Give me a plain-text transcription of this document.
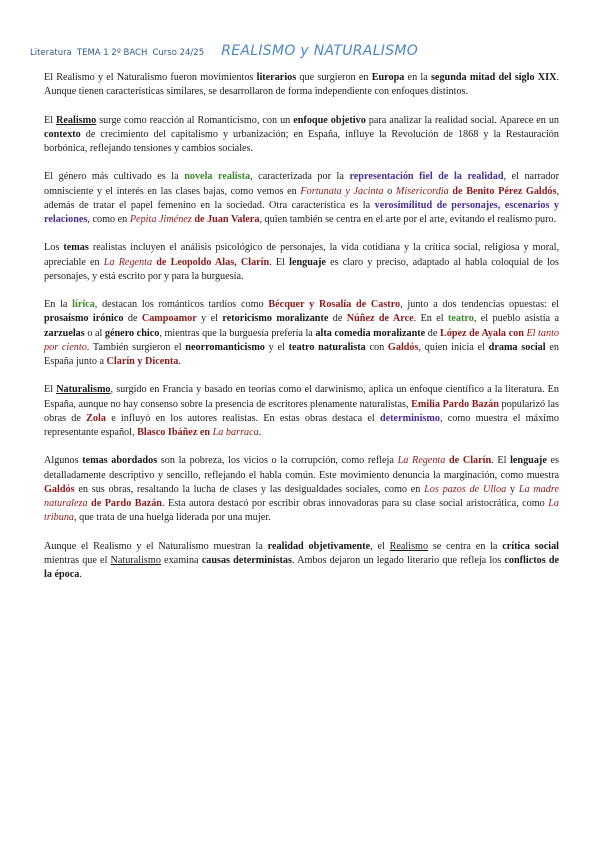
Literatura TEMA 1 2º BACH Curso 24/25 REALISMO y NATURALISMO

El Realismo y el Naturalismo fueron movimientos literarios que surgieron en Europa en la segunda mitad del siglo XIX. Aunque tienen características similares, se desarrollaron de forma independiente con enfoques distintos.

El Realismo surge como reacción al Romanticismo, con un enfoque objetivo para analizar la realidad social. Aparece en un contexto de crecimiento del capitalismo y urbanización; en España, influye la Revolución de 1868 y la Restauración borbónica, reflejando tensiones y cambios sociales.

El género más cultivado es la novela realista, caracterizada por la representación fiel de la realidad, el narrador omnisciente y el interés en las clases bajas, como vemos en Fortunata y Jacinta o Misericordia de Benito Pérez Galdós, además de tratar el papel femenino en la sociedad. Otra característica es la verosimilitud de personajes, escenarios y relaciones, como en Pepita Jiménez de Juan Valera, quien también se centra en el arte por el arte, evitando el realismo puro.

Los temas realistas incluyen el análisis psicológico de personajes, la vida cotidiana y la crítica social, religiosa y moral, apreciable en La Regenta de Leopoldo Alas, Clarín. El lenguaje es claro y preciso, adaptado al habla coloquial de los personajes, y está escrito por y para la burguesía.

En la lírica, destacan los románticos tardíos como Bécquer y Rosalía de Castro, junto a dos tendencias opuestas: el prosaísmo irónico de Campoamor y el retoricismo moralizante de Núñez de Arce. En el teatro, el pueblo asistía a zarzuelas o al género chico, mientras que la burguesía prefería la alta comedia moralizante de López de Ayala con El tanto por ciento. También surgieron el neorromanticismo y el teatro naturalista con Galdós, quien inicia el drama social en España junto a Clarín y Dicenta.

El Naturalismo, surgido en Francia y basado en teorías como el darwinismo, aplica un enfoque científico a la literatura. En España, aunque no hay consenso sobre la presencia de escritores plenamente naturalistas, Emilia Pardo Bazán popularizó las obras de Zola e influyó en los autores realistas. En estas obras destaca el determinismo, como muestra el máximo representante español, Blasco Ibáñez en La barraca.

Algunos temas abordados son la pobreza, los vicios o la corrupción, como refleja La Regenta de Clarín. El lenguaje es detalladamente descriptivo y sencillo, reflejando el habla común. Este movimiento denuncia la marginación, como muestra Galdós en sus obras, resaltando la lucha de clases y las desigualdades sociales, como en Los pazos de Ulloa y La madre naturaleza de Pardo Bazán. Esta autora destacó por escribir obras innovadoras para su clase social aristocrática, como La tribuna, que trata de una huelga liderada por una mujer.

Aunque el Realismo y el Naturalismo muestran la realidad objetivamente, el Realismo se centra en la crítica social mientras que el Naturalismo examina causas deterministas. Ambos dejaron un legado literario que refleja los conflictos de la época.
